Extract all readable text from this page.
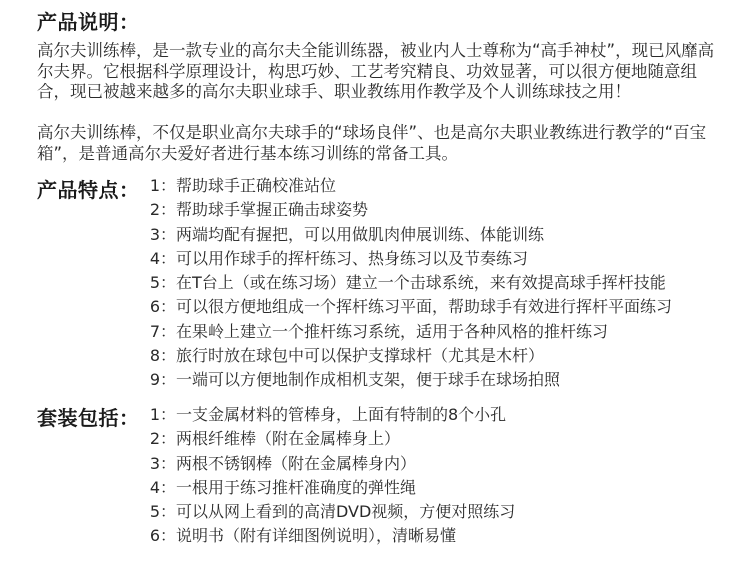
产品说明：
高尔夫训练棒，是一款专业的高尔夫全能训练器，被业内人士尊称为“高手神杖”，现已风靡高尔夫界。它根据科学原理设计，构思巧妙、工艺考究精良、功效显著，可以很方便地随意组合，现已被越来越多的高尔夫职业球手、职业教练用作教学及个人训练球技之用！
高尔夫训练棒，不仅是职业高尔夫球手的“球场良伴”、也是高尔夫职业教练进行教学的“百宝箱”，是普通高尔夫爱好者进行基本练习训练的常备工具。
产品特点： 1：帮助球手正确校准站位
2：帮助球手掌握正确击球姿势
3：两端均配有握把，可以用做肌肉伸展训练、体能训练
4：可以用作球手的挥杆练习、热身练习以及节奏练习
5：在T台上（或在练习场）建立一个击球系统，来有效提高球手挥杆技能
6：可以很方便地组成一个挥杆练习平面，帮助球手有效进行挥杆平面练习
7：在果岭上建立一个推杆练习系统，适用于各种风格的推杆练习
8：旅行时放在球包中可以保护支撑球杆（尤其是木杆）
9：一端可以方便地制作成相机支架，便于球手在球场拍照
套装包括： 1：一支金属材料的管棒身，上面有特制的8个小孔
2：两根纤维棒（附在金属棒身上）
3：两根不锈钢棒（附在金属棒身内）
4：一根用于练习推杆准确度的弹性绳
5：可以从网上看到的高清DVD视频，方便对照练习
6：说明书（附有详细图例说明），清晰易懂
